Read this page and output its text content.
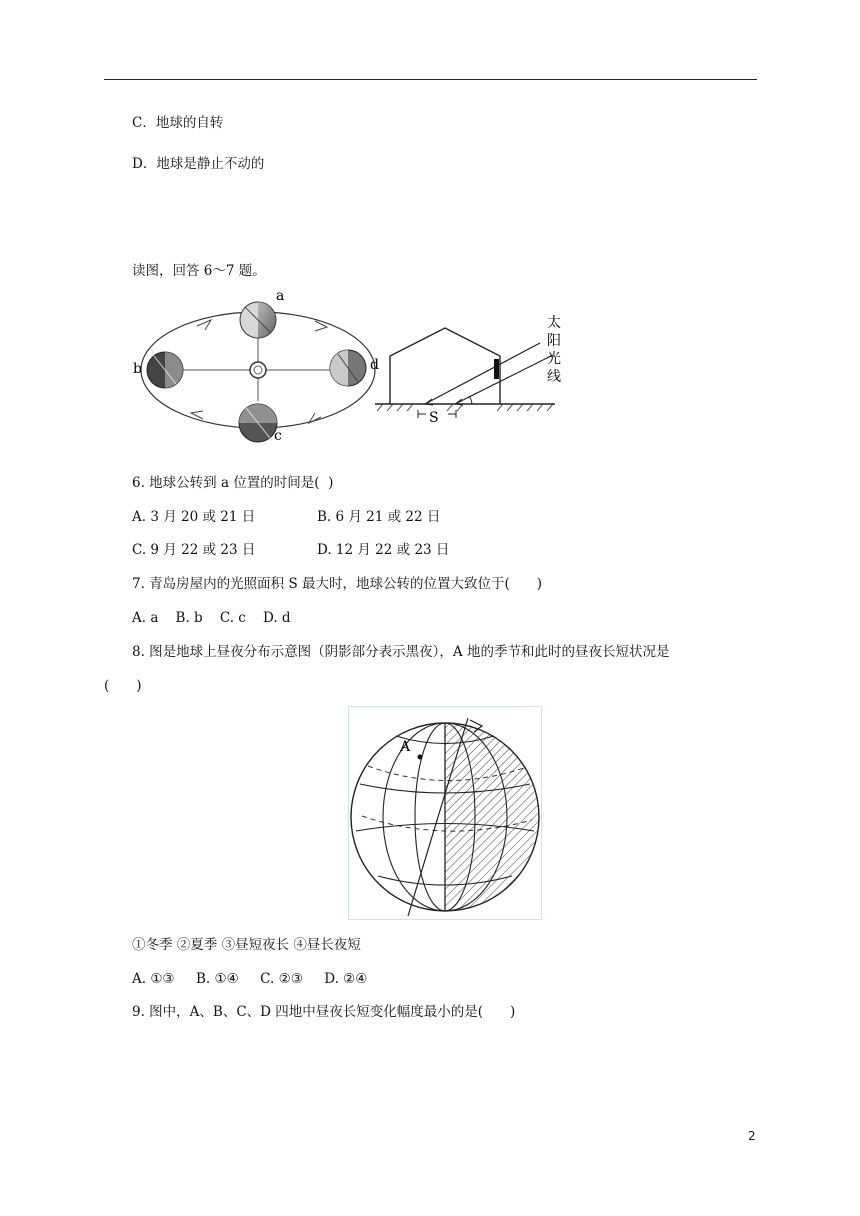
C．地球的自转
D．地球是静止不动的
读图，回答 6～7 题。
a
b
c
d
S
太
阳
光
线
6. 地球公转到 a 位置的时间是(  )
A. 3 月 20 或 21 日	B. 6 月 21 或 22 日
C. 9 月 22 或 23 日	D. 12 月 22 或 23 日
7. 青岛房屋内的光照面积 S 最大时，地球公转的位置大致位于(　　)
A. a    B. b    C. c    D. d
8. 图是地球上昼夜分布示意图（阴影部分表示黑夜），A 地的季节和此时的昼夜长短状况是
(　　)
A
①冬季 ②夏季 ③昼短夜长 ④昼长夜短
A. ①③     B. ①④     C. ②③     D. ②④
9. 图中，A、B、C、D 四地中昼夜长短变化幅度最小的是(　　)
2
